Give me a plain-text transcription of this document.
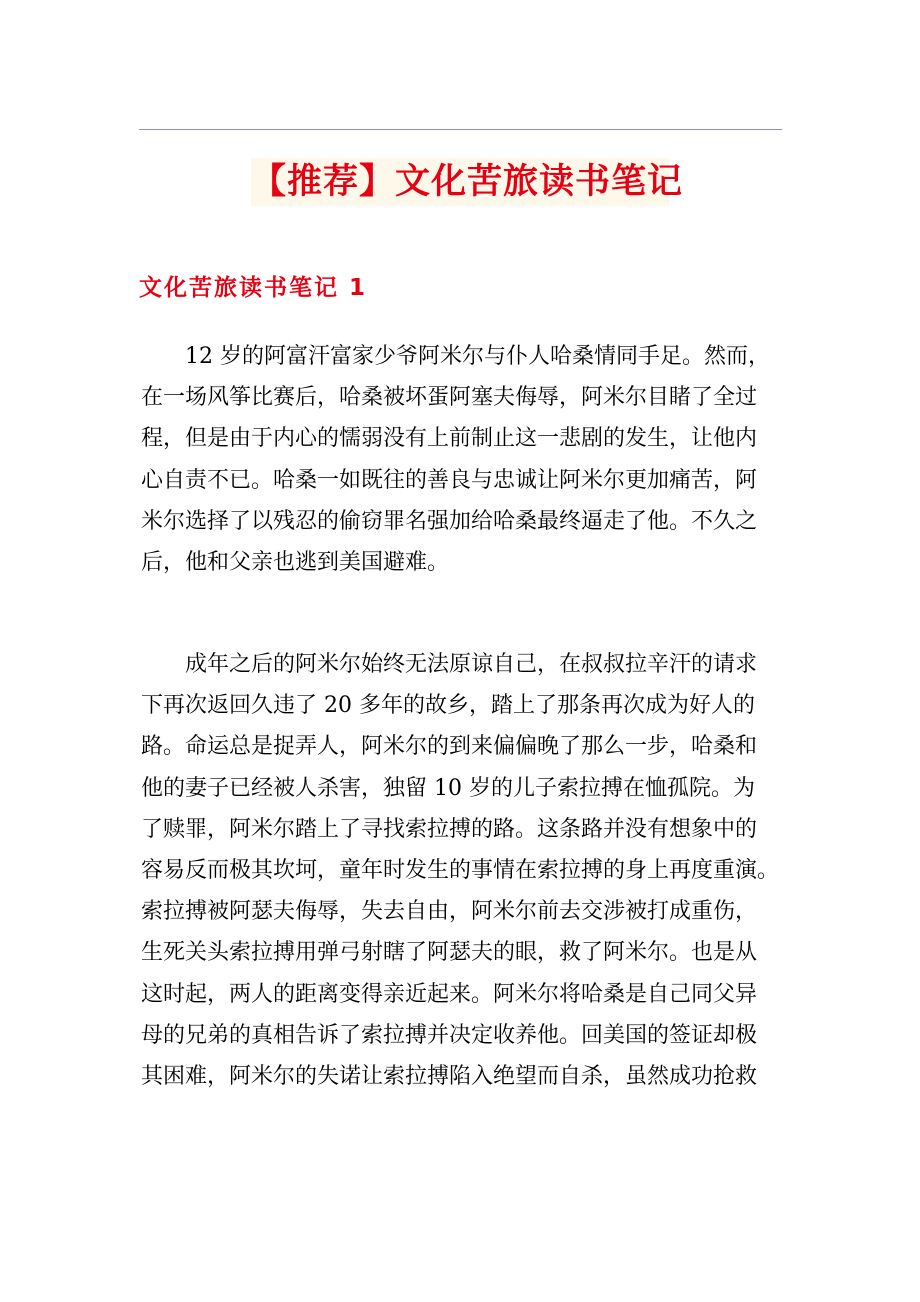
【推荐】文化苦旅读书笔记
文化苦旅读书笔记 1
　　12 岁的阿富汗富家少爷阿米尔与仆人哈桑情同手足。然而，
在一场风筝比赛后，哈桑被坏蛋阿塞夫侮辱，阿米尔目睹了全过
程，但是由于内心的懦弱没有上前制止这一悲剧的发生，让他内
心自责不已。哈桑一如既往的善良与忠诚让阿米尔更加痛苦，阿
米尔选择了以残忍的偷窃罪名强加给哈桑最终逼走了他。不久之
后，他和父亲也逃到美国避难。
　　成年之后的阿米尔始终无法原谅自己，在叔叔拉辛汗的请求
下再次返回久违了 20 多年的故乡，踏上了那条再次成为好人的
路。命运总是捉弄人，阿米尔的到来偏偏晚了那么一步，哈桑和
他的妻子已经被人杀害，独留 10 岁的儿子索拉搏在恤孤院。为
了赎罪，阿米尔踏上了寻找索拉搏的路。这条路并没有想象中的
容易反而极其坎坷，童年时发生的事情在索拉搏的身上再度重演。
索拉搏被阿瑟夫侮辱，失去自由，阿米尔前去交涉被打成重伤，
生死关头索拉搏用弹弓射瞎了阿瑟夫的眼，救了阿米尔。也是从
这时起，两人的距离变得亲近起来。阿米尔将哈桑是自己同父异
母的兄弟的真相告诉了索拉搏并决定收养他。回美国的签证却极
其困难，阿米尔的失诺让索拉搏陷入绝望而自杀，虽然成功抢救
